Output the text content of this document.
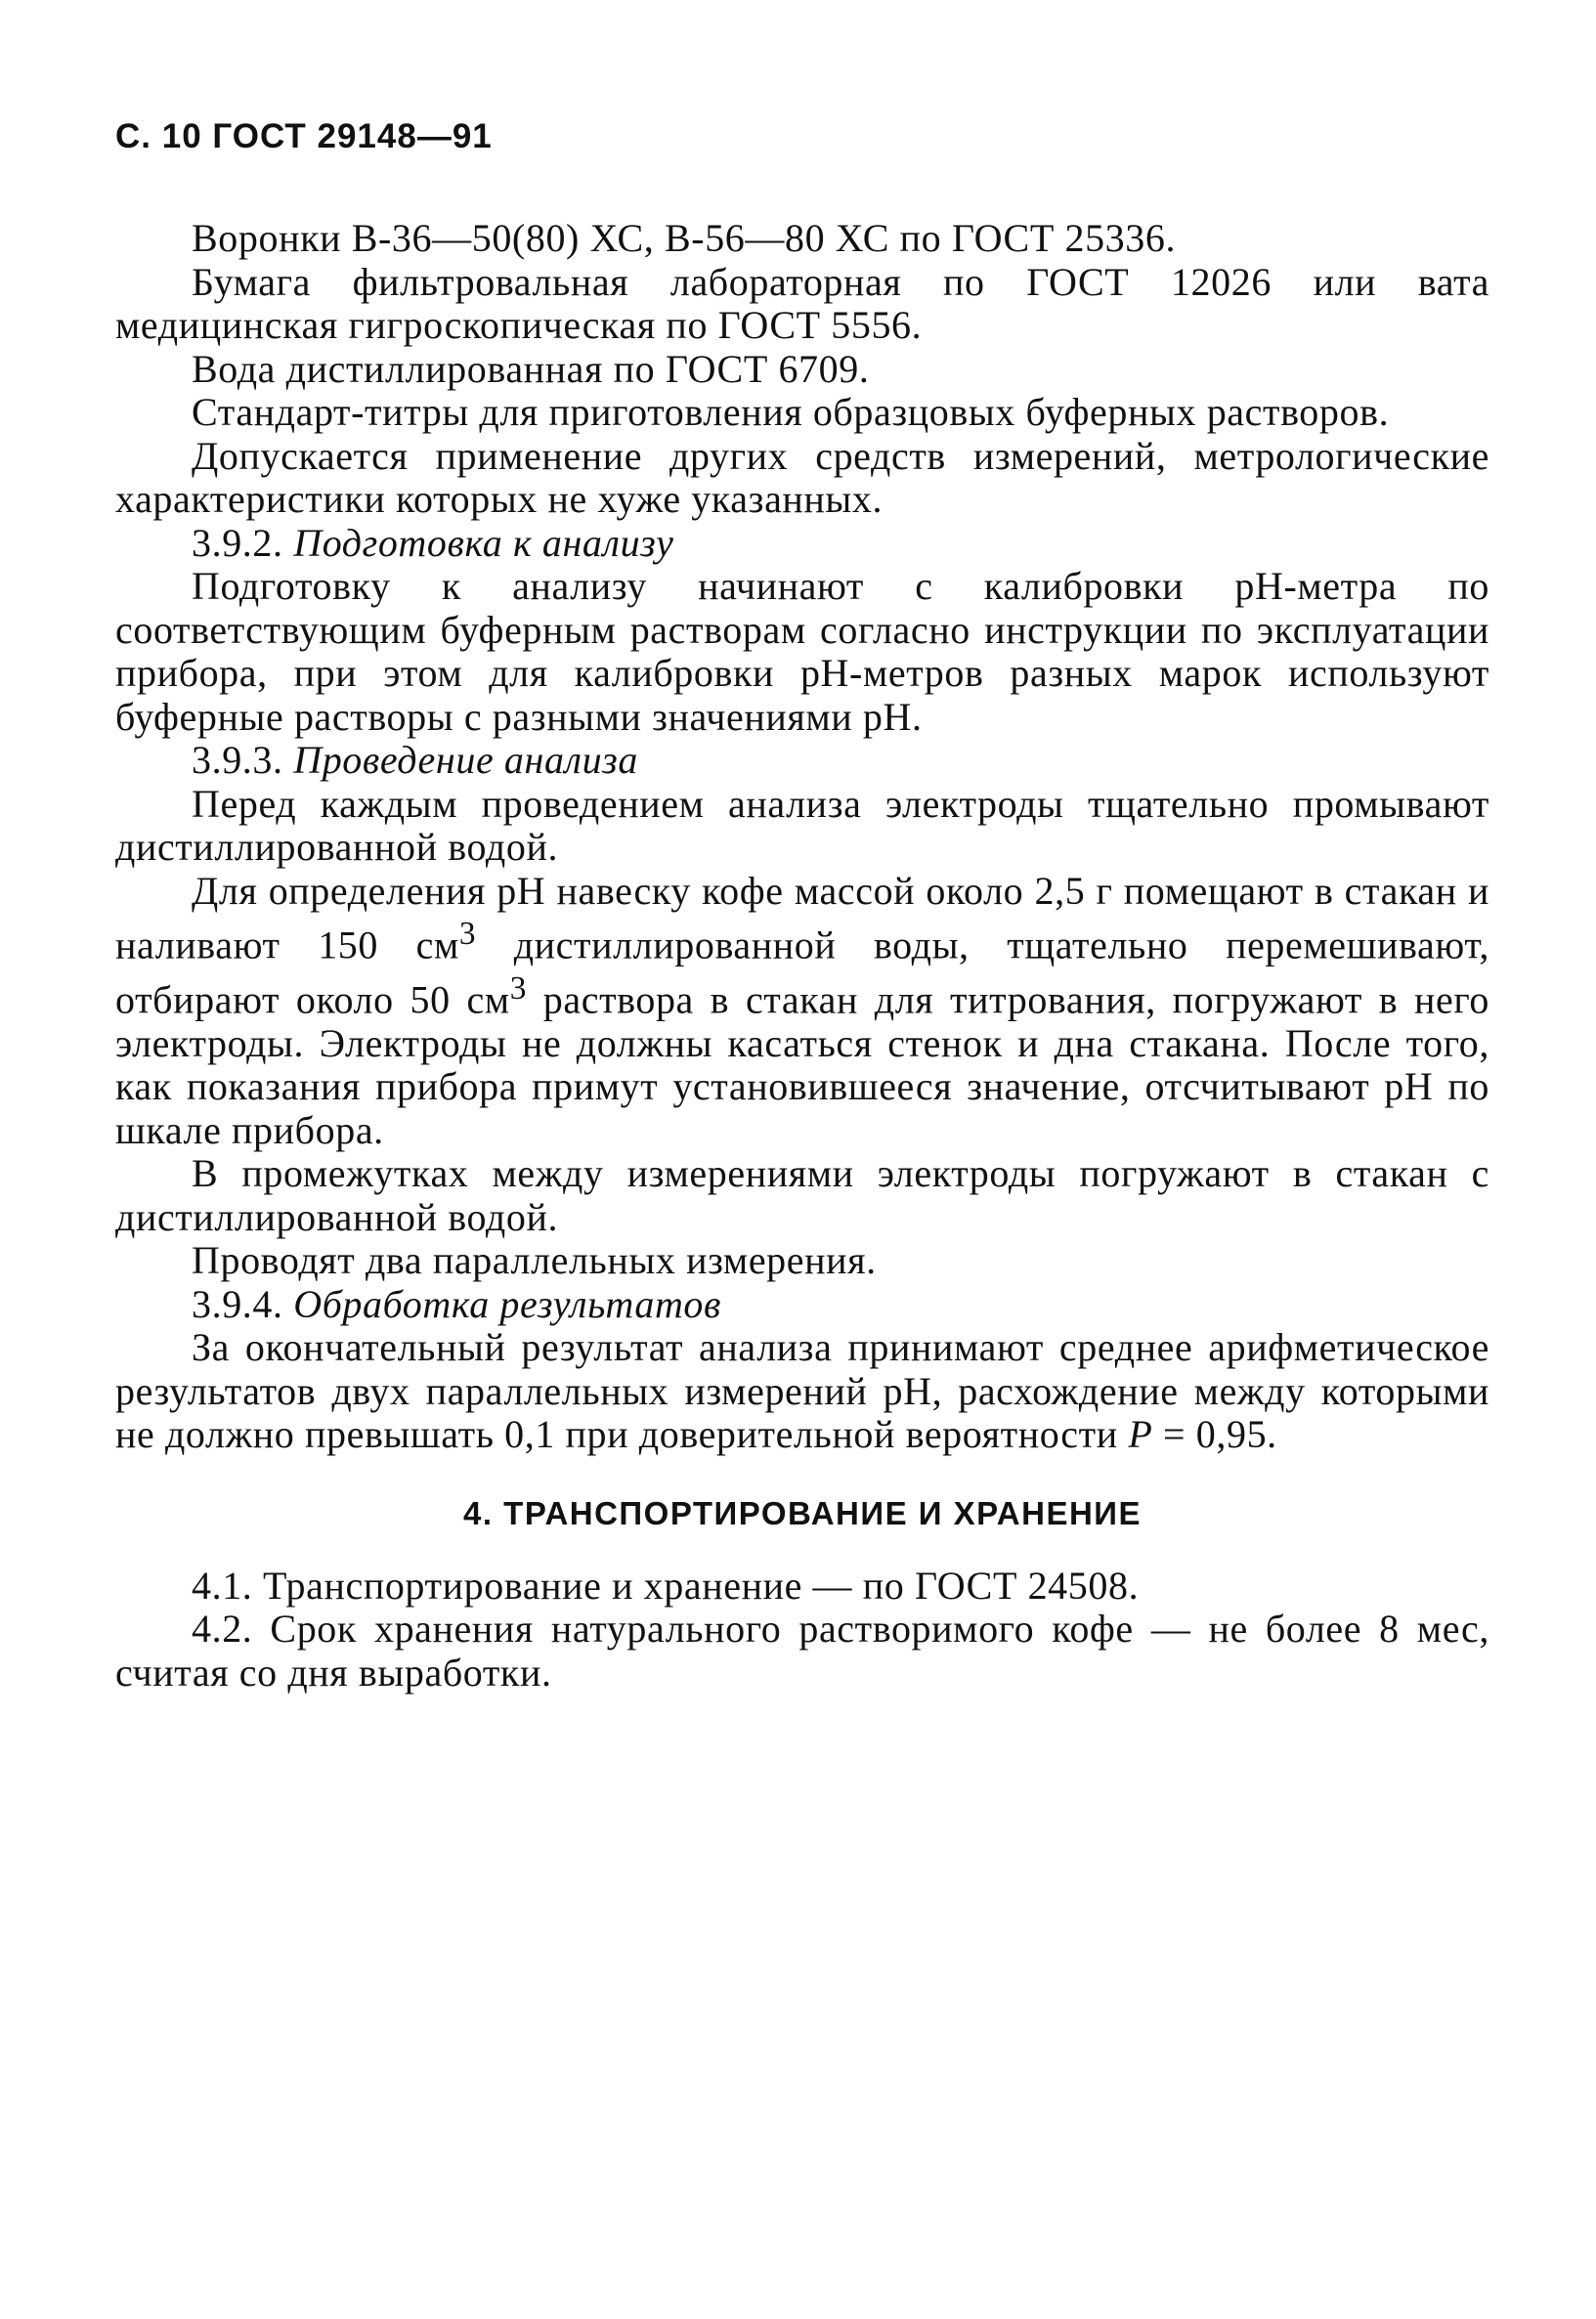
С. 10 ГОСТ 29148—91

Воронки В-36—50(80) ХС, В-56—80 ХС по ГОСТ 25336.

Бумага фильтровальная лабораторная по ГОСТ 12026 или вата медицинская гигроскопическая по ГОСТ 5556.

Вода дистиллированная по ГОСТ 6709.

Стандарт-титры для приготовления образцовых буферных растворов.

Допускается применение других средств измерений, метрологические характеристики которых не хуже указанных.

3.9.2. Подготовка к анализу

Подготовку к анализу начинают с калибровки рН-метра по соответствующим буферным растворам согласно инструкции по эксплуатации прибора, при этом для калибровки рН-метров разных марок используют буферные растворы с разными значениями рН.

3.9.3. Проведение анализа

Перед каждым проведением анализа электроды тщательно промывают дистиллированной водой.

Для определения рН навеску кофе массой около 2,5 г помещают в стакан и наливают 150 $см^3$ дистиллированной воды, тщательно перемешивают, отбирают около 50 $см^3$ раствора в стакан для титрования, погружают в него электроды. Электроды не должны касаться стенок и дна стакана. После того, как показания прибора примут установившееся значение, отсчитывают рН по шкале прибора.

В промежутках между измерениями электроды погружают в стакан с дистиллированной водой.

Проводят два параллельных измерения.

3.9.4. Обработка результатов

За окончательный результат анализа принимают среднее арифметическое результатов двух параллельных измерений рН, расхождение между которыми не должно превышать 0,1 при доверительной вероятности P = 0,95.

4. ТРАНСПОРТИРОВАНИЕ И ХРАНЕНИЕ

4.1. Транспортирование и хранение — по ГОСТ 24508.

4.2. Срок хранения натурального растворимого кофе — не более 8 мес, считая со дня выработки.
